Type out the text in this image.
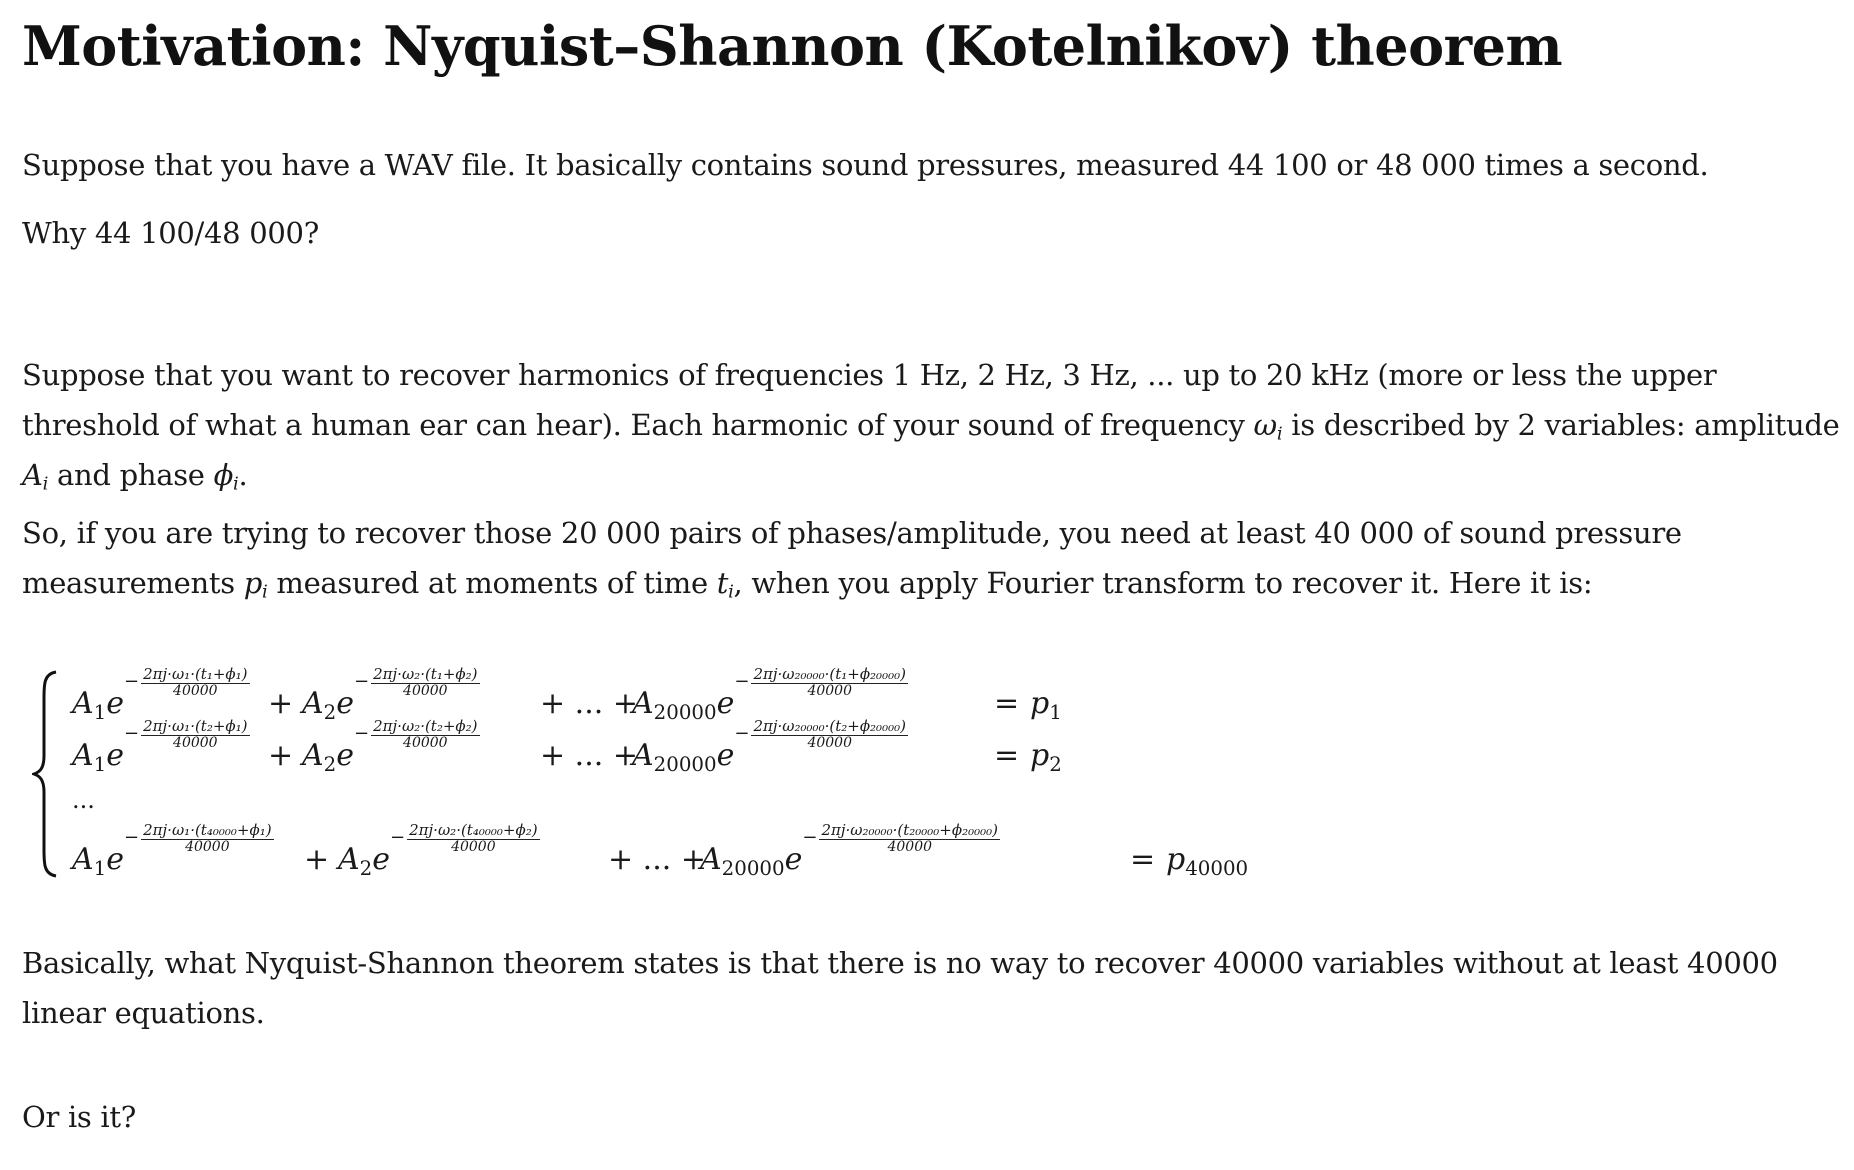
Motivation: Nyquist–Shannon (Kotelnikov) theorem

Suppose that you have a WAV file. It basically contains sound pressures, measured 44 100 or 48 000 times a second.

Why 44 100/48 000?

Suppose that you want to recover harmonics of frequencies 1 Hz, 2 Hz, 3 Hz, ... up to 20 kHz (more or less the upper threshold of what a human ear can hear). Each harmonic of your sound of frequency $\omega_i$ is described by 2 variables: amplitude $A_i$ and phase $\phi_i$.

So, if you are trying to recover those 20 000 pairs of phases/amplitude, you need at least 40 000 of sound pressure measurements $p_i$ measured at moments of time $t_i$, when you apply Fourier transform to recover it. Here it is:

$A_1e$
− $\frac{\text{2πj·ω₁·(t₁+ϕ₁)}}{40000}$
+ $A_2e$
− $\frac{\text{2πj·ω₂·(t₁+ϕ₂)}}{40000}$
+ ... +
$A_{20000}e$
− $\frac{\text{2πj·ω₂₀₀₀₀·(t₁+ϕ₂₀₀₀₀)}}{40000}$
= $p_1$
$A_1e$
− $\frac{\text{2πj·ω₁·(t₂+ϕ₁)}}{40000}$
+ $A_2e$
− $\frac{\text{2πj·ω₂·(t₂+ϕ₂)}}{40000}$
+ ... +
$A_{20000}e$
− $\frac{\text{2πj·ω₂₀₀₀₀·(t₂+ϕ₂₀₀₀₀)}}{40000}$
= $p_2$
$A_1e$
− $\frac{\text{2πj·ω₁·(t₄₀₀₀₀+ϕ₁)}}{40000}$
+ $A_2e$
− $\frac{\text{2πj·ω₂·(t₄₀₀₀₀+ϕ₂)}}{40000}$
+ ... +
$A_{20000}e$
− $\frac{\text{2πj·ω₂₀₀₀₀·(t₂₀₀₀₀+ϕ₂₀₀₀₀)}}{40000}$
= $p_{40000}$
...

Basically, what Nyquist-Shannon theorem states is that there is no way to recover 40000 variables without at least 40000 linear equations.

Or is it?
